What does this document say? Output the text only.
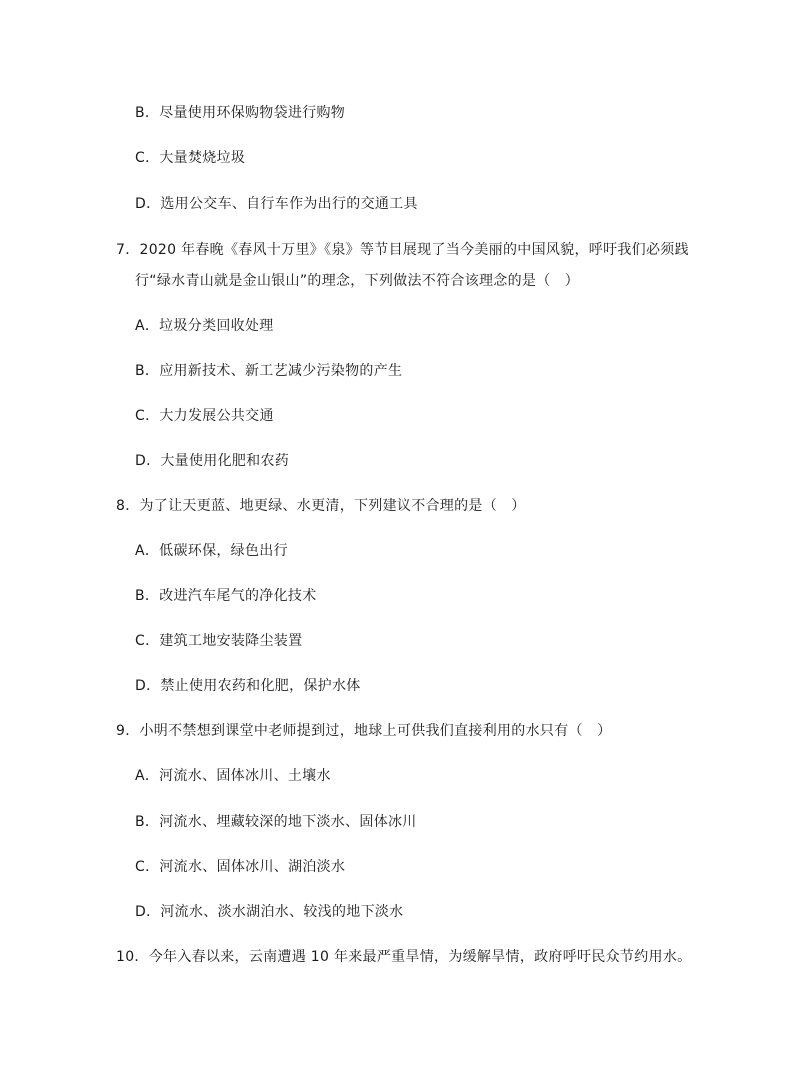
B．尽量使用环保购物袋进行购物
C．大量焚烧垃圾
D．选用公交车、自行车作为出行的交通工具
7．2020 年春晚《春风十万里》《泉》等节目展现了当今美丽的中国风貌，呼吁我们必须践
行“绿水青山就是金山银山”的理念，下列做法不符合该理念的是（　）
A．垃圾分类回收处理
B．应用新技术、新工艺减少污染物的产生
C．大力发展公共交通
D．大量使用化肥和农药
8．为了让天更蓝、地更绿、水更清，下列建议不合理的是（　）
A．低碳环保，绿色出行
B．改进汽车尾气的净化技术
C．建筑工地安装降尘装置
D．禁止使用农药和化肥，保护水体
9．小明不禁想到课堂中老师提到过，地球上可供我们直接利用的水只有（　）
A．河流水、固体冰川、土壤水
B．河流水、埋藏较深的地下淡水、固体冰川
C．河流水、固体冰川、湖泊淡水
D．河流水、淡水湖泊水、较浅的地下淡水
10．今年入春以来，云南遭遇 10 年来最严重旱情，为缓解旱情，政府呼吁民众节约用水。
